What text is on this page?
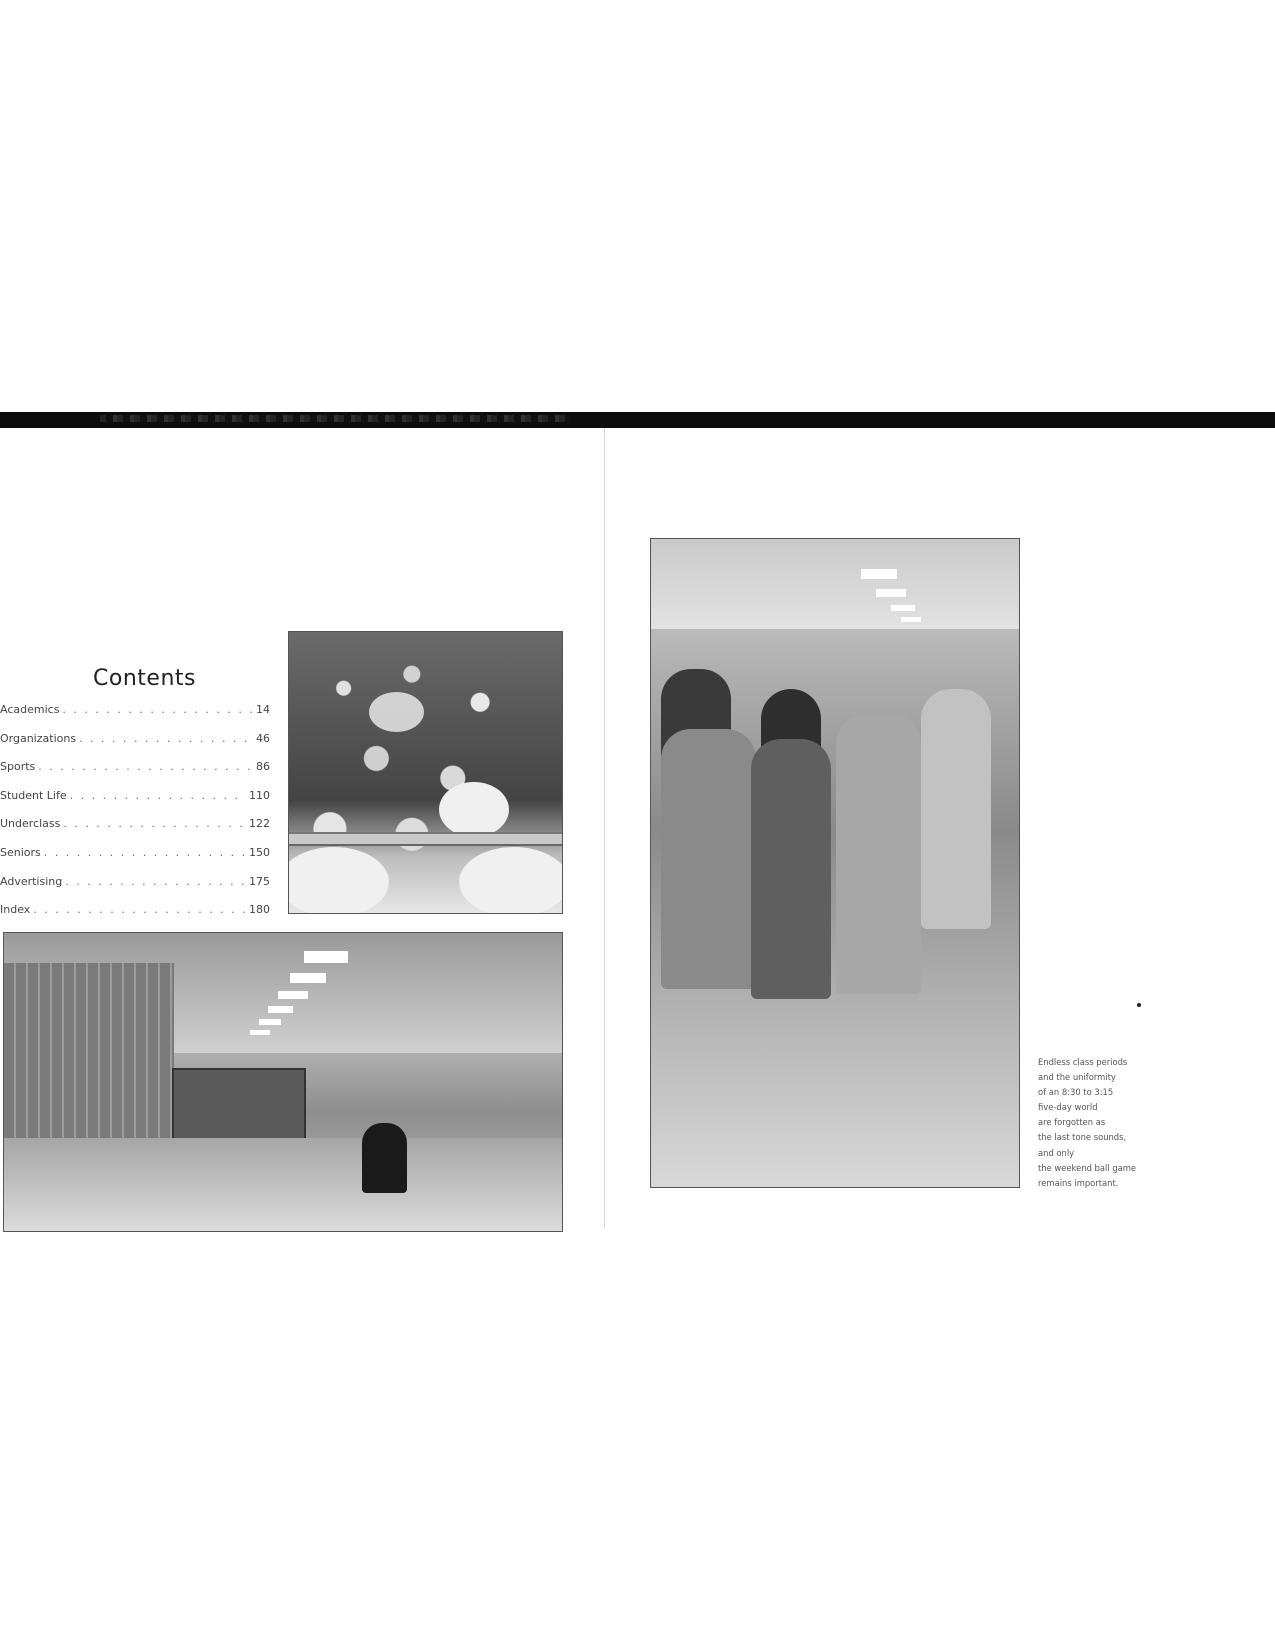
Contents
Academics . . .	14
Organizations . . .	46
Sports . . .	86
Student Life . . .	110
Underclass . . .	122
Seniors . . .	150
Advertising . . .	175
Index . . .	180
Endless class periods
and the uniformity
of an 8:30 to 3:15
five-day world
are forgotten as
the last tone sounds,
and only
the weekend ball game
remains important.
